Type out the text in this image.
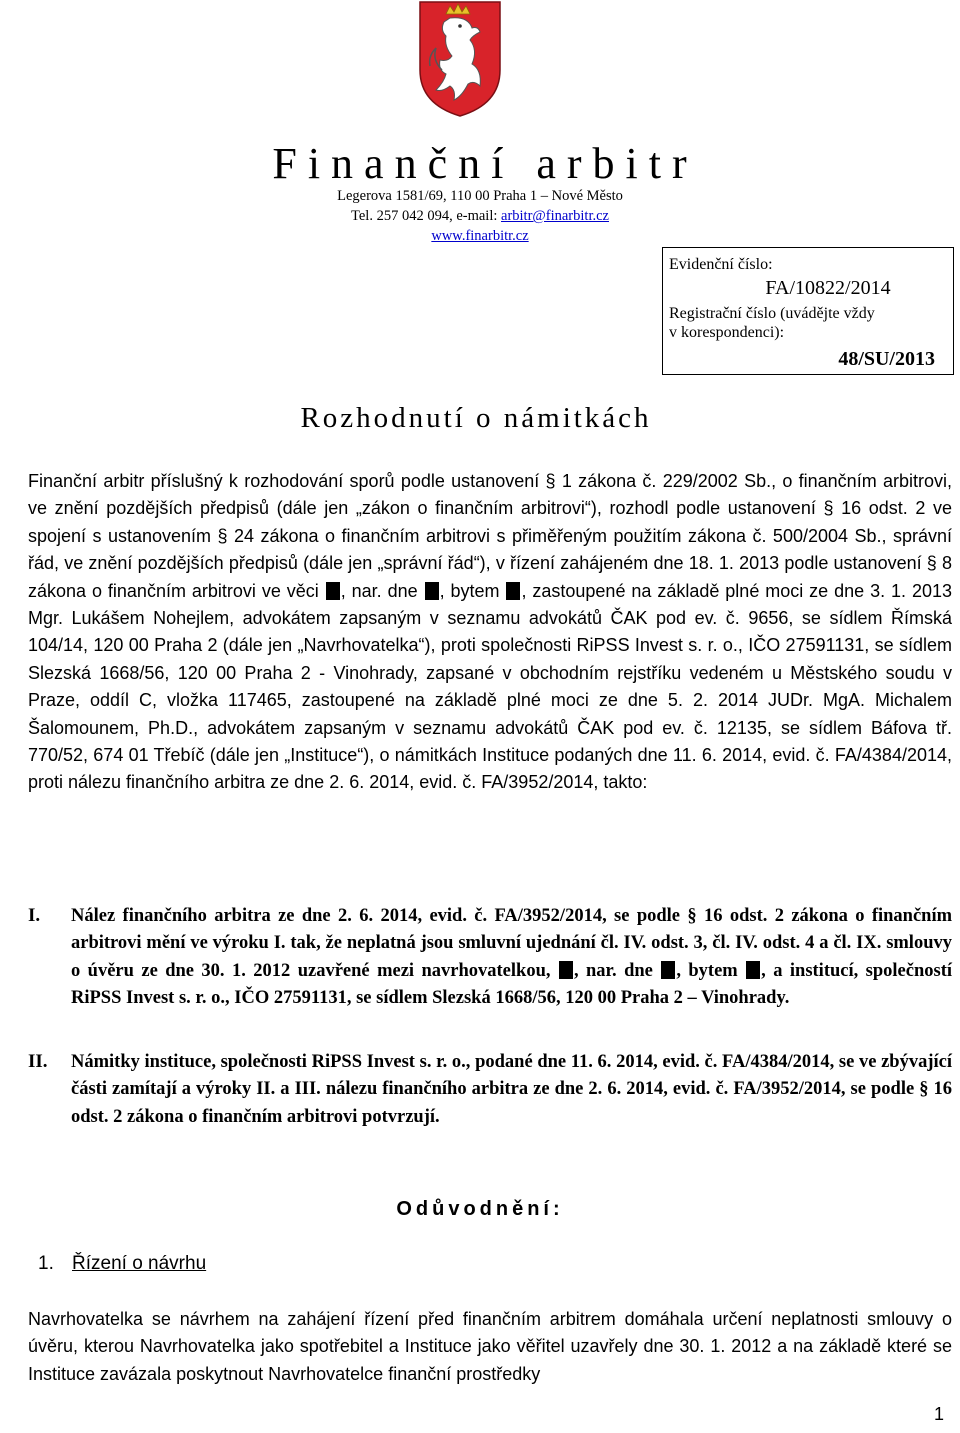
Finanční arbitr
Legerova 1581/69, 110 00 Praha 1 – Nové Město
Tel. 257 042 094, e-mail: arbitr@finarbitr.cz
www.finarbitr.cz
Evidenční číslo:
FA/10822/2014
Registrační číslo (uvádějte vždy
v korespondenci):
48/SU/2013
Rozhodnutí o námitkách
Finanční arbitr příslušný k rozhodování sporů podle ustanovení § 1 zákona č. 229/2002 Sb., o finančním arbitrovi, ve znění pozdějších předpisů (dále jen „zákon o finančním arbitrovi“), rozhodl podle ustanovení § 16 odst. 2 ve spojení s ustanovením § 24 zákona o finančním arbitrovi s přiměřeným použitím zákona č. 500/2004 Sb., správní řád, ve znění pozdějších předpisů (dále jen „správní řád“), v řízení zahájeném dne 18. 1. 2013 podle ustanovení § 8 zákona o finančním arbitrovi ve věci , nar. dne , bytem , zastoupené na základě plné moci ze dne 3. 1. 2013 Mgr. Lukášem Nohejlem, advokátem zapsaným v seznamu advokátů ČAK pod ev. č. 9656, se sídlem Římská 104/14, 120 00 Praha 2 (dále jen „Navrhovatelka“), proti společnosti RiPSS Invest s. r. o., IČO 27591131, se sídlem Slezská 1668/56, 120 00 Praha 2 - Vinohrady, zapsané v obchodním rejstříku vedeném u Městského soudu v Praze, oddíl C, vložka 117465, zastoupené na základě plné moci ze dne 5. 2. 2014 JUDr. MgA. Michalem Šalomounem, Ph.D., advokátem zapsaným v seznamu advokátů ČAK pod ev. č. 12135, se sídlem Báfova tř. 770/52, 674 01 Třebíč (dále jen „Instituce“), o námitkách Instituce podaných dne 11. 6. 2014, evid. č. FA/4384/2014, proti nálezu finančního arbitra ze dne 2. 6. 2014, evid. č. FA/3952/2014, takto:
I. Nález finančního arbitra ze dne 2. 6. 2014, evid. č. FA/3952/2014, se podle § 16 odst. 2 zákona o finančním arbitrovi mění ve výroku I. tak, že neplatná jsou smluvní ujednání čl. IV. odst. 3, čl. IV. odst. 4 a čl. IX. smlouvy o úvěru ze dne 30. 1. 2012 uzavřené mezi navrhovatelkou, , nar. dne , bytem , a institucí, společností RiPSS Invest s. r. o., IČO 27591131, se sídlem Slezská 1668/56, 120 00 Praha 2 – Vinohrady.
II. Námitky instituce, společnosti RiPSS Invest s. r. o., podané dne 11. 6. 2014, evid. č. FA/4384/2014, se ve zbývající části zamítají a výroky II. a III. nálezu finančního arbitra ze dne 2. 6. 2014, evid. č. FA/3952/2014, se podle § 16 odst. 2 zákona o finančním arbitrovi potvrzují.
Odůvodnění:
1. Řízení o návrhu
Navrhovatelka se návrhem na zahájení řízení před finančním arbitrem domáhala určení neplatnosti smlouvy o úvěru, kterou Navrhovatelka jako spotřebitel a Instituce jako věřitel uzavřely dne 30. 1. 2012 a na základě které se Instituce zavázala poskytnout Navrhovatelce finanční prostředky
1
